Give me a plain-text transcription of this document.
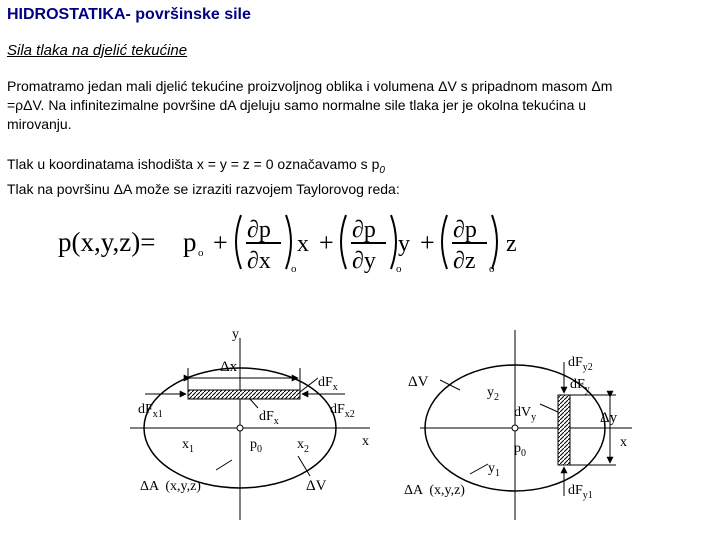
HIDROSTATIKA- površinske sile
Sila tlaka na djelić tekućine
Promatramo jedan mali djelić tekućine proizvoljnog oblika i volumena ΔV s pripadnom masom Δm
=ρΔV. Na infinitezimalne površine dA djeluju samo normalne sile tlaka jer je okolna tekućina u
mirovanju.
Tlak u koordinatama ishodišta x = y = z = 0 označavamo s $p_0$
Tlak na površinu ΔA može se izraziti razvojem Taylorovog reda:
p(x,y,z)= p o + ∂p
∂x o
x + ∂p
∂y o
y + ∂p
∂z o
z
y
Δx
$dF_x$
$dF_{x1}$	$dF_x$
$dF_{x2}$
x
$x_1$	$p_0$	$x_2$
ΔA  (x,y,z)	ΔV
ΔV
$y_2$
$dF_{y2}$
$dF_y$
$dV_y$	Δy
x
$p_0$
$y_1$
ΔA  (x,y,z)	$dF_{y1}$
